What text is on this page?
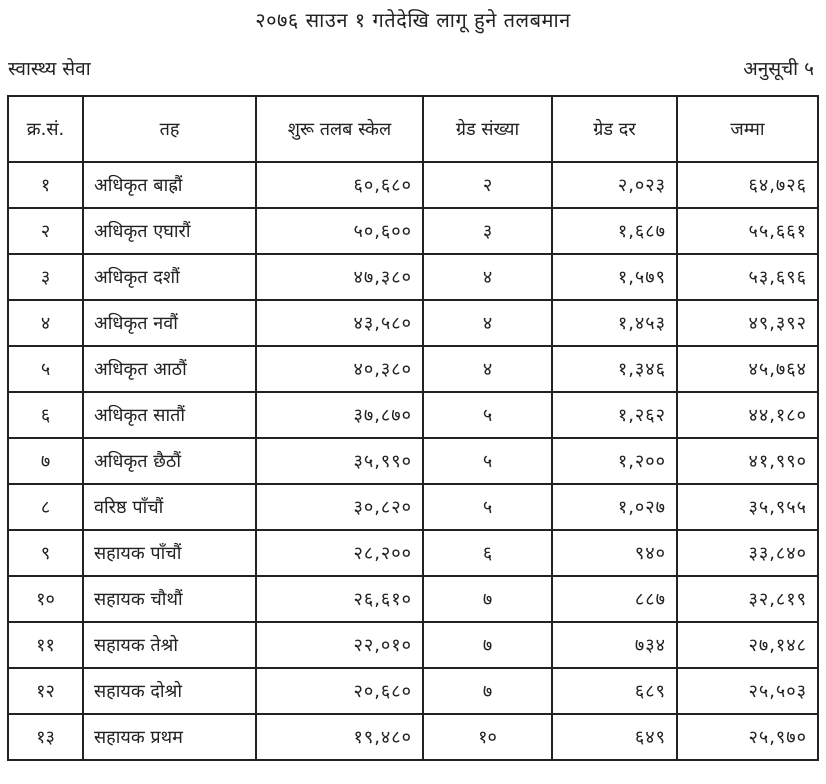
२०७६ साउन १ गतेदेखि लागू हुने तलबमान
स्वास्थ्य सेवा	अनुसूची ५
क्र.सं.	तह	शुरू तलब स्केल	ग्रेड संख्या	ग्रेड दर	जम्मा
१	अधिकृत बाह्रौं	६०,६८०	२	२,०२३	६४,७२६
२	अधिकृत एघारौं	५०,६००	३	१,६८७	५५,६६१
३	अधिकृत दशौं	४७,३८०	४	१,५७९	५३,६९६
४	अधिकृत नवौं	४३,५८०	४	१,४५३	४९,३९२
५	अधिकृत आठौं	४०,३८०	४	१,३४६	४५,७६४
६	अधिकृत सातौं	३७,८७०	५	१,२६२	४४,१८०
७	अधिकृत छैठौं	३५,९९०	५	१,२००	४१,९९०
८	वरिष्ठ पाँचौं	३०,८२०	५	१,०२७	३५,९५५
९	सहायक पाँचौं	२८,२००	६	९४०	३३,८४०
१०	सहायक चौथौं	२६,६१०	७	८८७	३२,८१९
११	सहायक तेश्रो	२२,०१०	७	७३४	२७,१४८
१२	सहायक दोश्रो	२०,६८०	७	६८९	२५,५०३
१३	सहायक प्रथम	१९,४८०	१०	६४९	२५,९७०
